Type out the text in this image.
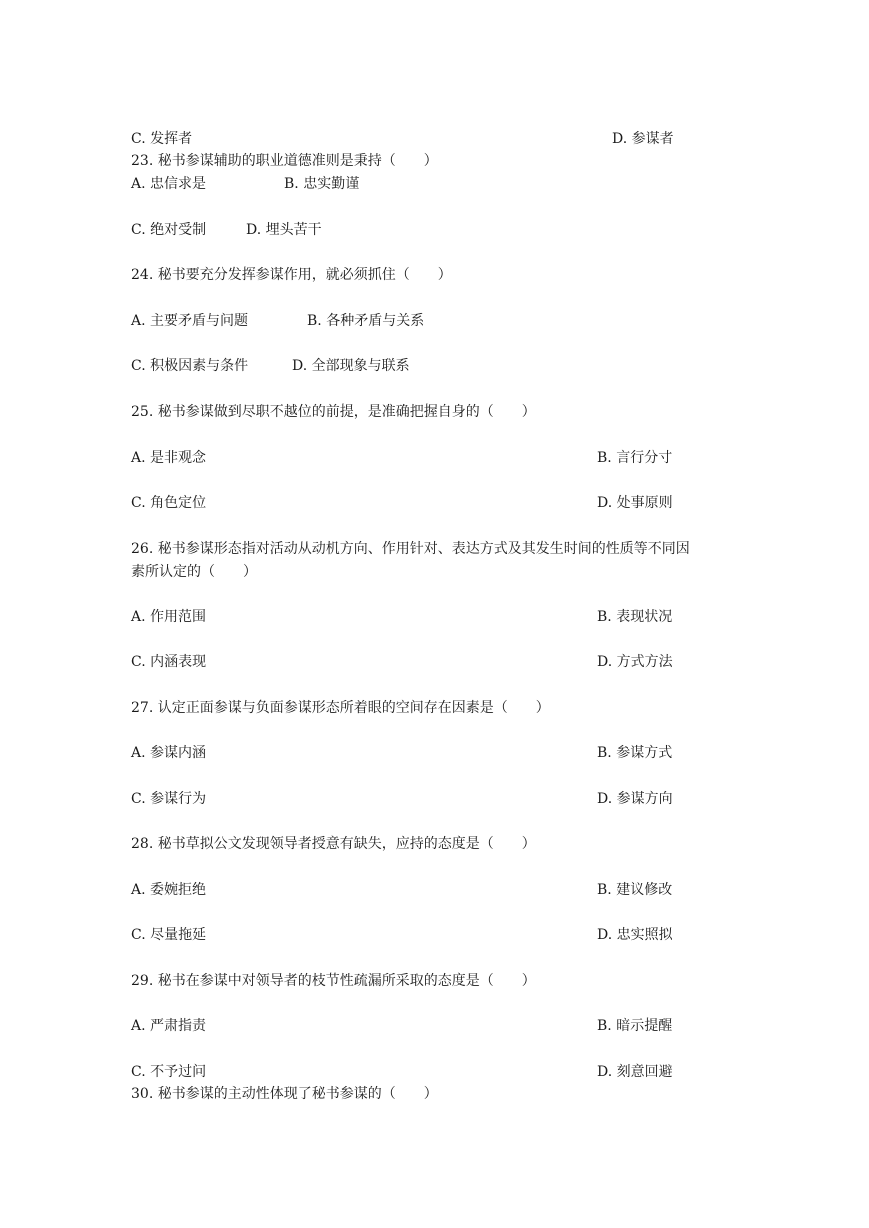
C. 发挥者	D. 参谋者
23. 秘书参谋辅助的职业道德准则是秉持（　　）
A. 忠信求是	B. 忠实勤谨
C. 绝对受制	D. 埋头苦干
24. 秘书要充分发挥参谋作用，就必须抓住（　　）
A. 主要矛盾与问题	B. 各种矛盾与关系
C. 积极因素与条件	D. 全部现象与联系
25. 秘书参谋做到尽职不越位的前提，是准确把握自身的（　　）
A. 是非观念	B. 言行分寸
C. 角色定位	D. 处事原则
26. 秘书参谋形态指对活动从动机方向、作用针对、表达方式及其发生时间的性质等不同因
素所认定的（　　）
A. 作用范围	B. 表现状况
C. 内涵表现	D. 方式方法
27. 认定正面参谋与负面参谋形态所着眼的空间存在因素是（　　）
A. 参谋内涵	B. 参谋方式
C. 参谋行为	D. 参谋方向
28. 秘书草拟公文发现领导者授意有缺失，应持的态度是（　　）
A. 委婉拒绝	B. 建议修改
C. 尽量拖延	D. 忠实照拟
29. 秘书在参谋中对领导者的枝节性疏漏所采取的态度是（　　）
A. 严肃指责	B. 暗示提醒
C. 不予过问	D. 刻意回避
30. 秘书参谋的主动性体现了秘书参谋的（　　）
